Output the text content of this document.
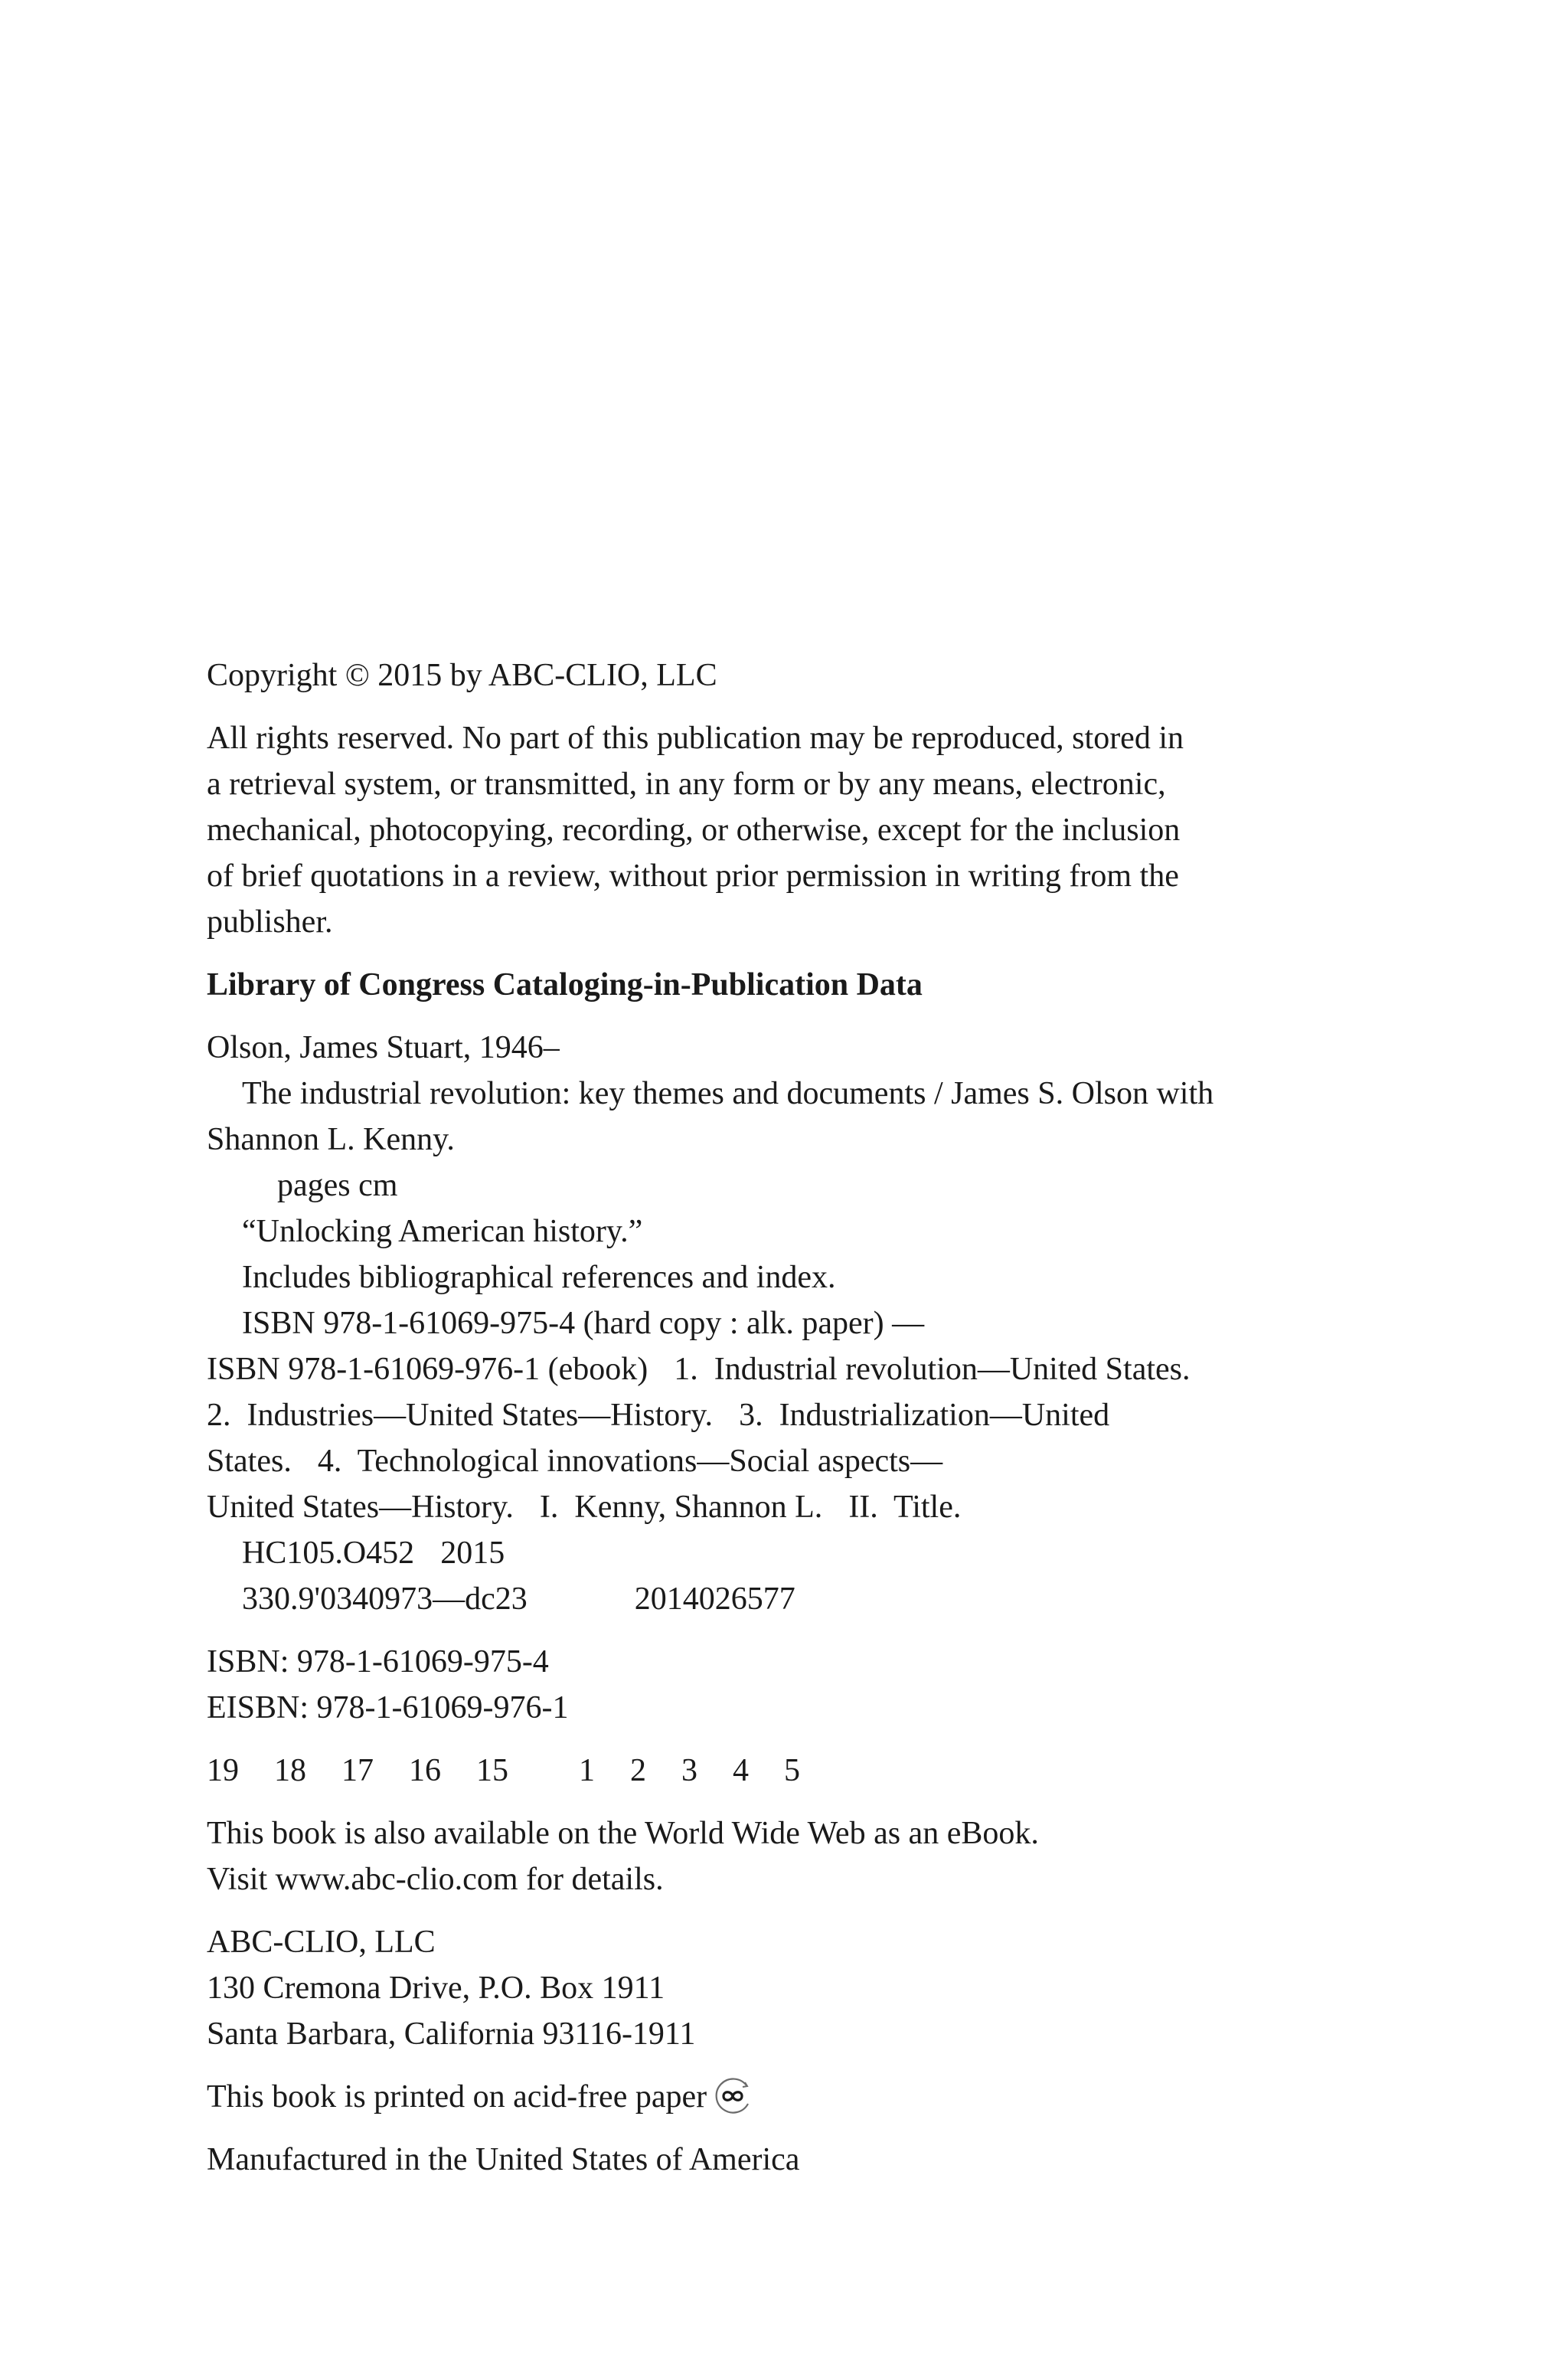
Copyright © 2015 by ABC-CLIO, LLC
All rights reserved. No part of this publication may be reproduced, stored in
a retrieval system, or transmitted, in any form or by any means, electronic,
mechanical, photocopying, recording, or otherwise, except for the inclusion
of brief quotations in a review, without prior permission in writing from the
publisher.
Library of Congress Cataloging-in-Publication Data
Olson, James Stuart, 1946–
The industrial revolution: key themes and documents / James S. Olson with
Shannon L. Kenny.
pages cm
“Unlocking American history.”
Includes bibliographical references and index.
ISBN 978-1-61069-975-4 (hard copy : alk. paper) —
ISBN 978-1-61069-976-1 (ebook) 1.  Industrial revolution—United States.
2.  Industries—United States—History. 3.  Industrialization—United
States. 4.  Technological innovations—Social aspects—
United States—History. I.  Kenny, Shannon L. II.  Title.
HC105.O452 2015
330.9'0340973—dc23	2014026577
ISBN: 978-1-61069-975-4
EISBN: 978-1-61069-976-1
19 18 17 16 15 1 2 3 4 5
This book is also available on the World Wide Web as an eBook.
Visit www.abc-clio.com for details.
ABC-CLIO, LLC
130 Cremona Drive, P.O. Box 1911
Santa Barbara, California 93116-1911
This book is printed on acid-free paper
Manufactured in the United States of America
